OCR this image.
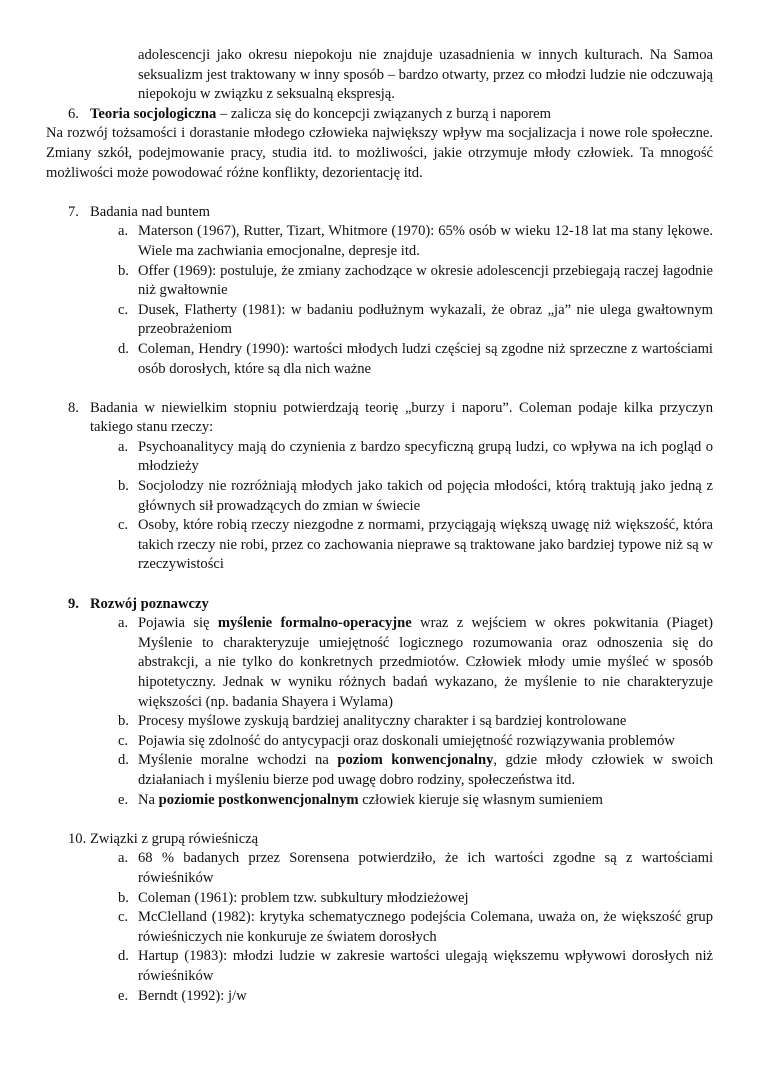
adolescencji jako okresu niepokoju nie znajduje uzasadnienia w innych kulturach. Na Samoa seksualizm jest traktowany w inny sposób – bardzo otwarty, przez co młodzi ludzie nie odczuwają niepokoju w związku z seksualną ekspresją.
6. Teoria socjologiczna – zalicza się do koncepcji związanych z burzą i naporem
Na rozwój tożsamości i dorastanie młodego człowieka największy wpływ ma socjalizacja i nowe role społeczne. Zmiany szkół, podejmowanie pracy, studia itd. to możliwości, jakie otrzymuje młody człowiek. Ta mnogość możliwości może powodować różne konflikty, dezorientację itd.
7. Badania nad buntem
a. Materson (1967), Rutter, Tizart, Whitmore (1970): 65% osób w wieku 12-18 lat ma stany lękowe. Wiele ma zachwiania emocjonalne, depresje itd.
b. Offer (1969): postuluje, że zmiany zachodzące w okresie adolescencji przebiegają raczej łagodnie niż gwałtownie
c. Dusek, Flatherty (1981): w badaniu podłużnym wykazali, że obraz „ja” nie ulega gwałtownym przeobrażeniom
d. Coleman, Hendry (1990): wartości młodych ludzi częściej są zgodne niż sprzeczne z wartościami osób dorosłych, które są dla nich ważne
8. Badania w niewielkim stopniu potwierdzają teorię „burzy i naporu”. Coleman podaje kilka przyczyn takiego stanu rzeczy:
a. Psychoanalitycy mają do czynienia z bardzo specyficzną grupą ludzi, co wpływa na ich pogląd o młodzieży
b. Socjolodzy nie rozróżniają młodych jako takich od pojęcia młodości, którą traktują jako jedną z głównych sił prowadzących do zmian w świecie
c. Osoby, które robią rzeczy niezgodne z normami, przyciągają większą uwagę niż większość, która takich rzeczy nie robi, przez co zachowania nieprawe są traktowane jako bardziej typowe niż są w rzeczywistości
9. Rozwój poznawczy
a. Pojawia się myślenie formalno-operacyjne wraz z wejściem w okres pokwitania (Piaget) Myślenie to charakteryzuje umiejętność logicznego rozumowania oraz odnoszenia się do abstrakcji, a nie tylko do konkretnych przedmiotów. Człowiek młody umie myśleć w sposób hipotetyczny. Jednak w wyniku różnych badań wykazano, że myślenie to nie charakteryzuje większości (np. badania Shayera i Wylama)
b. Procesy myślowe zyskują bardziej analityczny charakter i są bardziej kontrolowane
c. Pojawia się zdolność do antycypacji oraz doskonali umiejętność rozwiązywania problemów
d. Myślenie moralne wchodzi na poziom konwencjonalny, gdzie młody człowiek w swoich działaniach i myśleniu bierze pod uwagę dobro rodziny, społeczeństwa itd.
e. Na poziomie postkonwencjonalnym człowiek kieruje się własnym sumieniem
10. Związki z grupą rówieśniczą
a. 68 % badanych przez Sorensena potwierdziło, że ich wartości zgodne są z wartościami rówieśników
b. Coleman (1961): problem tzw. subkultury młodzieżowej
c. McClelland (1982): krytyka schematycznego podejścia Colemana, uważa on, że większość grup rówieśniczych nie konkuruje ze światem dorosłych
d. Hartup (1983): młodzi ludzie w zakresie wartości ulegają większemu wpływowi dorosłych niż rówieśników
e. Berndt (1992): j/w
